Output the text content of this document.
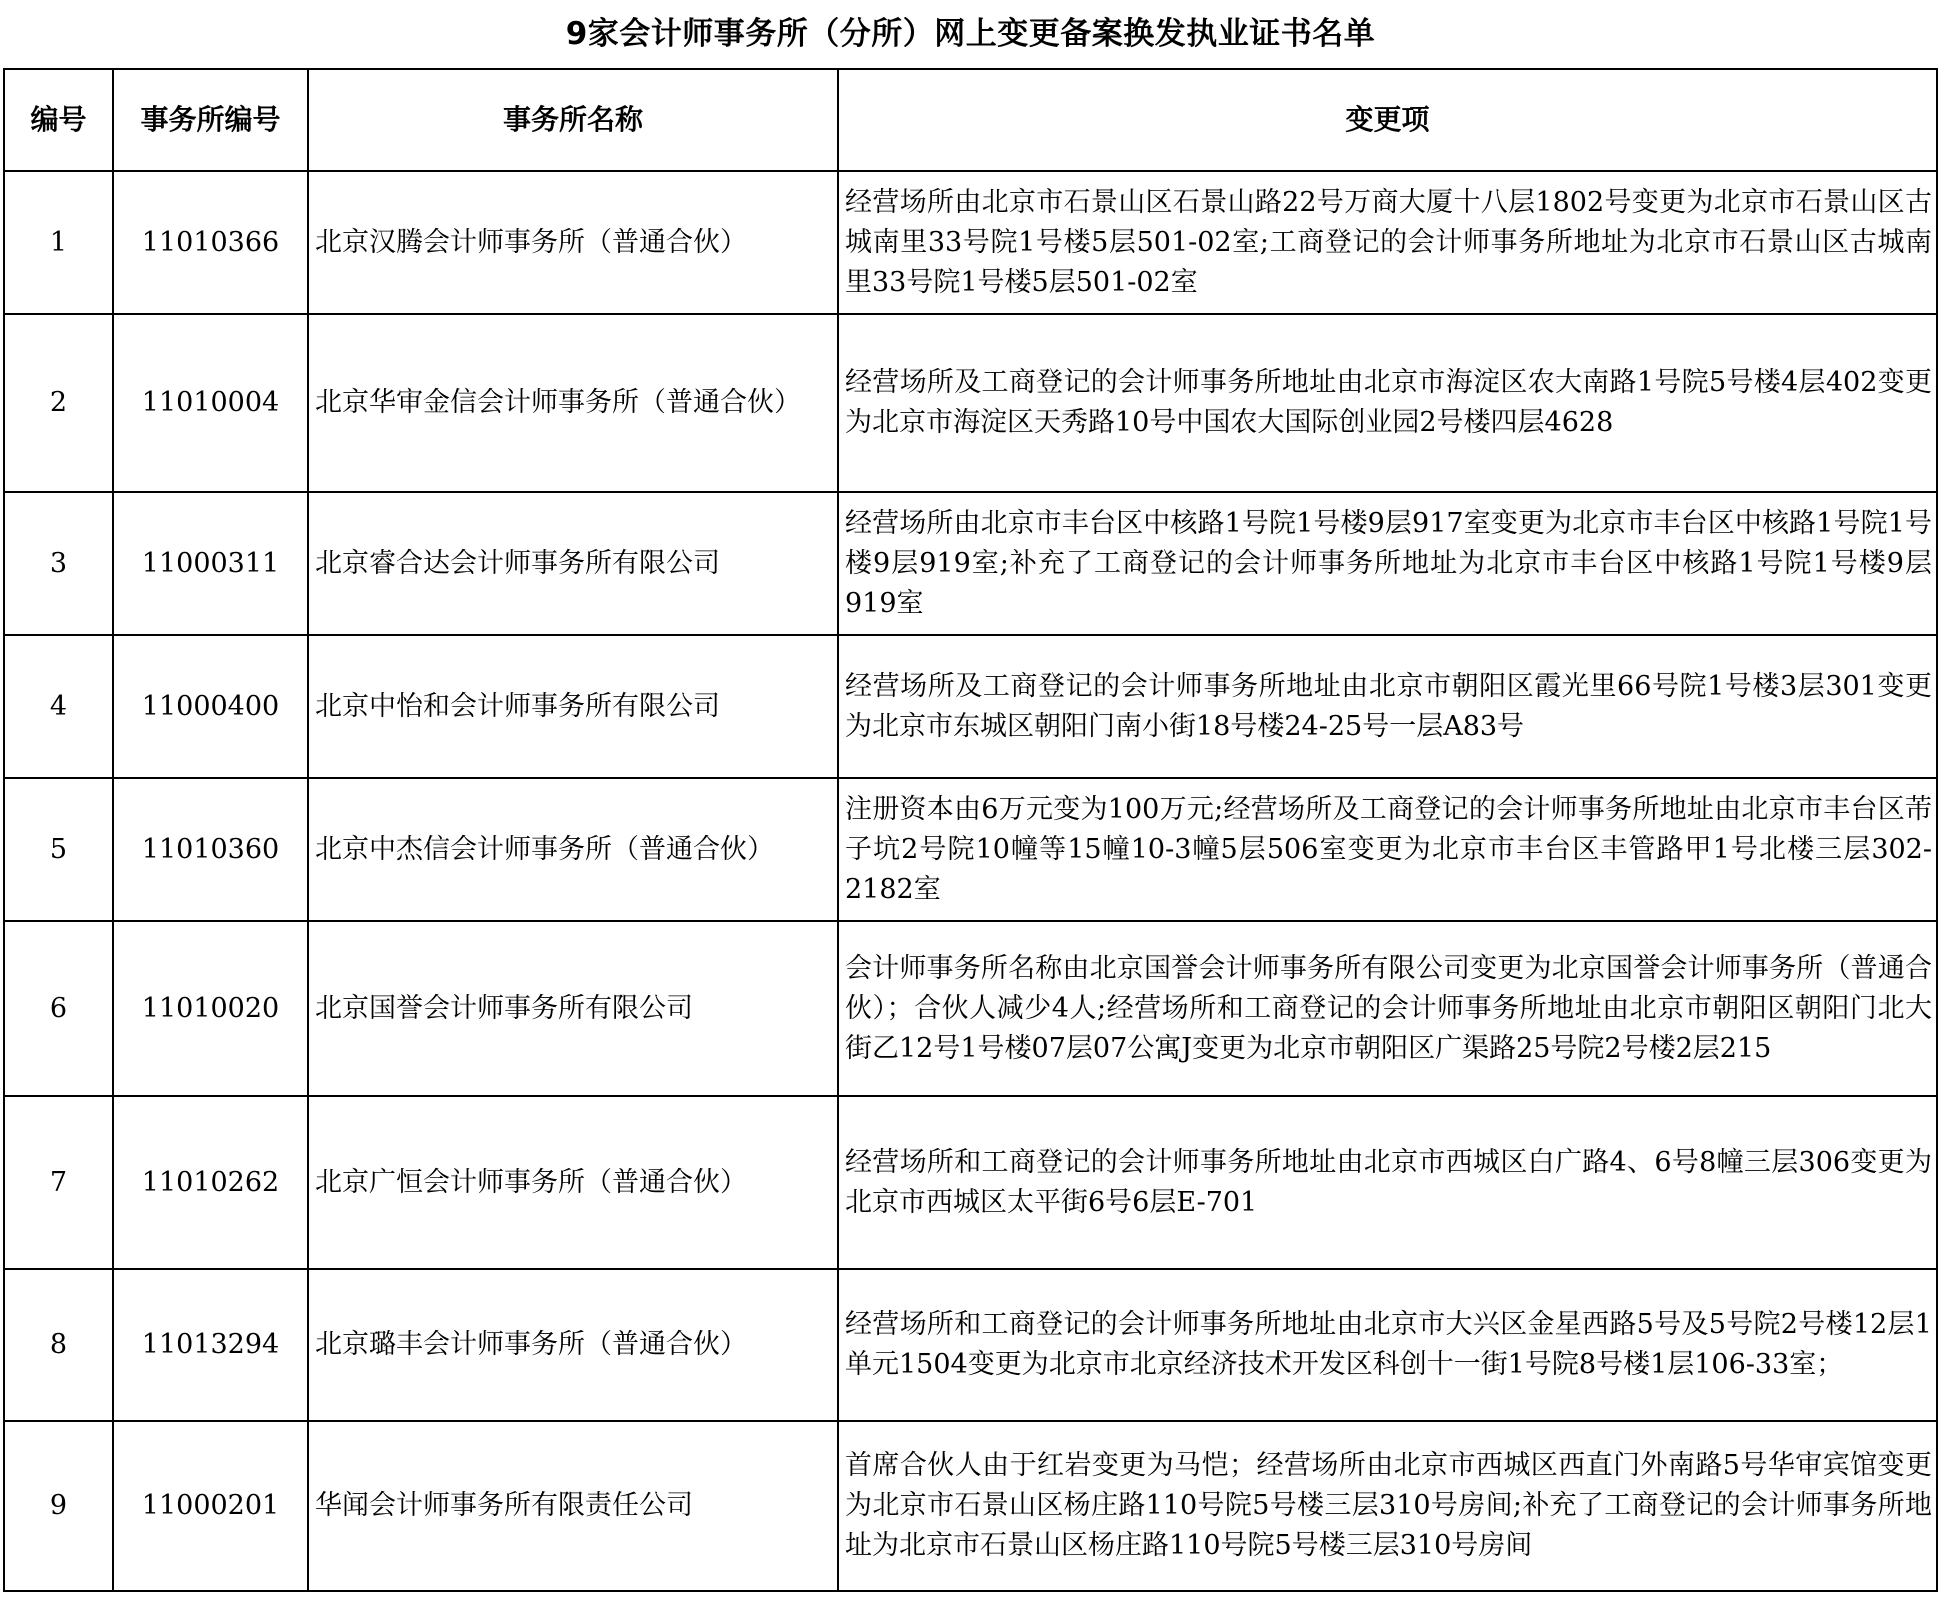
9家会计师事务所（分所）网上变更备案换发执业证书名单
编号	事务所编号	事务所名称	变更项
1	11010366	北京汉腾会计师事务所（普通合伙）	经营场所由北京市石景山区石景山路22号万商大厦十八层1802号变更为北京市石景山区古城南里33号院1号楼5层501-02室;工商登记的会计师事务所地址为北京市石景山区古城南里33号院1号楼5层501-02室
2	11010004	北京华审金信会计师事务所（普通合伙）	经营场所及工商登记的会计师事务所地址由北京市海淀区农大南路1号院5号楼4层402变更为北京市海淀区天秀路10号中国农大国际创业园2号楼四层4628
3	11000311	北京睿合达会计师事务所有限公司	经营场所由北京市丰台区中核路1号院1号楼9层917室变更为北京市丰台区中核路1号院1号楼9层919室;补充了工商登记的会计师事务所地址为北京市丰台区中核路1号院1号楼9层919室
4	11000400	北京中怡和会计师事务所有限公司	经营场所及工商登记的会计师事务所地址由北京市朝阳区霞光里66号院1号楼3层301变更为北京市东城区朝阳门南小街18号楼24-25号一层A83号
5	11010360	北京中杰信会计师事务所（普通合伙）	注册资本由6万元变为100万元;经营场所及工商登记的会计师事务所地址由北京市丰台区芾子坑2号院10幢等15幢10-3幢5层506室变更为北京市丰台区丰管路甲1号北楼三层302-2182室
6	11010020	北京国誉会计师事务所有限公司	会计师事务所名称由北京国誉会计师事务所有限公司变更为北京国誉会计师事务所（普通合伙）；合伙人减少4人;经营场所和工商登记的会计师事务所地址由北京市朝阳区朝阳门北大街乙12号1号楼07层07公寓J变更为北京市朝阳区广渠路25号院2号楼2层215
7	11010262	北京广恒会计师事务所（普通合伙）	经营场所和工商登记的会计师事务所地址由北京市西城区白广路4、6号8幢三层306变更为北京市西城区太平街6号6层E-701
8	11013294	北京璐丰会计师事务所（普通合伙）	经营场所和工商登记的会计师事务所地址由北京市大兴区金星西路5号及5号院2号楼12层1单元1504变更为北京市北京经济技术开发区科创十一街1号院8号楼1层106-33室；
9	11000201	华闻会计师事务所有限责任公司	首席合伙人由于红岩变更为马恺；经营场所由北京市西城区西直门外南路5号华审宾馆变更为北京市石景山区杨庄路110号院5号楼三层310号房间;补充了工商登记的会计师事务所地址为北京市石景山区杨庄路110号院5号楼三层310号房间
